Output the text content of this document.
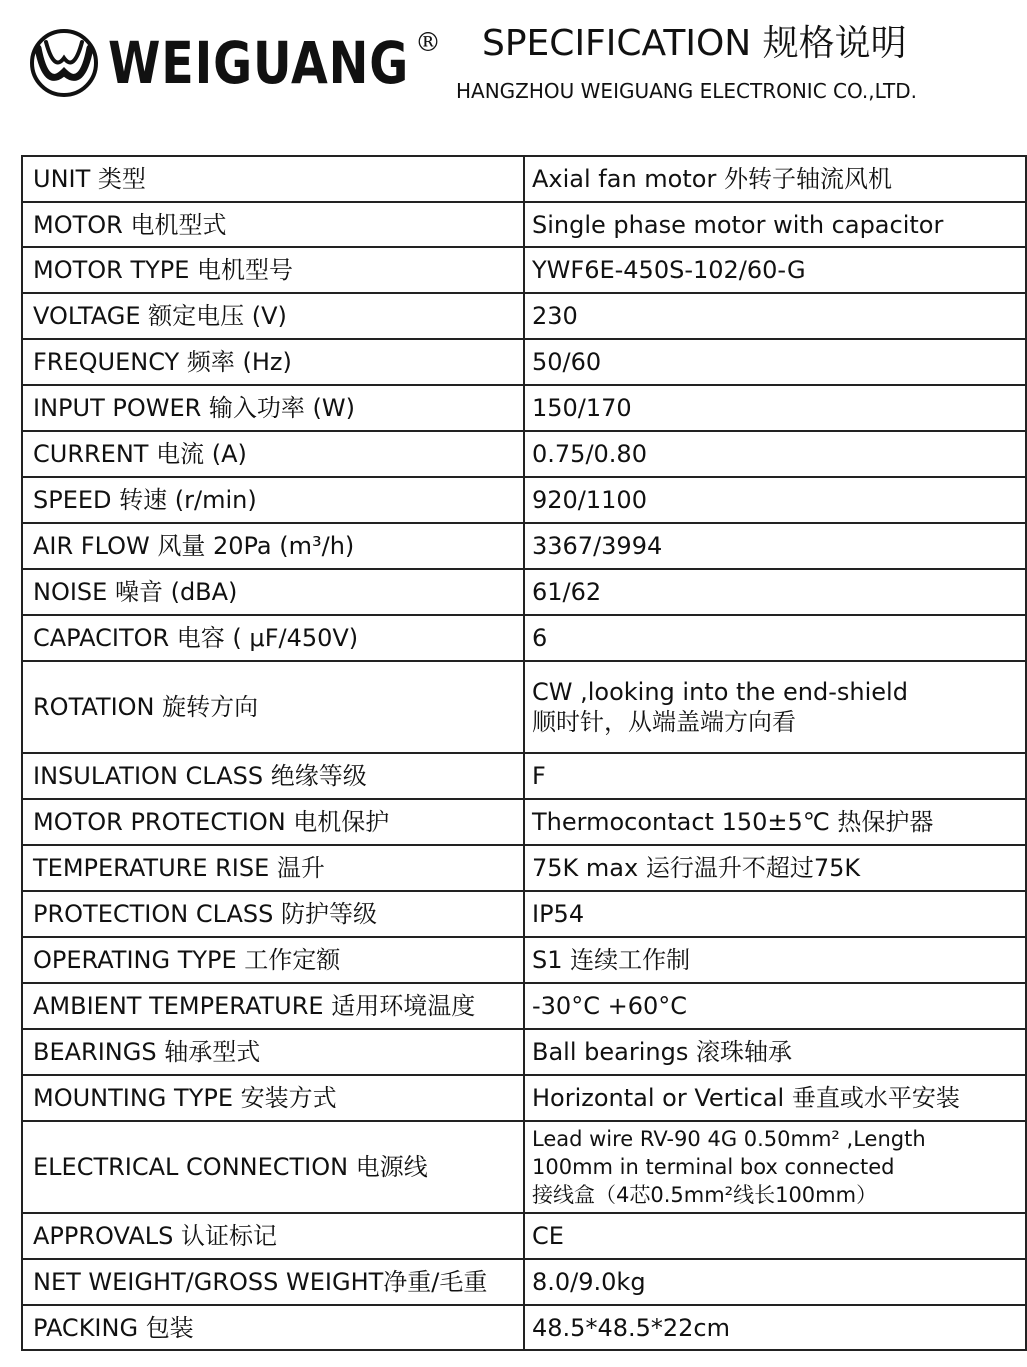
WEIGUANG ® SPECIFICATION 规格说明
HANGZHOU WEIGUANG ELECTRONIC CO.,LTD.
UNIT 类型	Axial fan motor 外转子轴流风机

MOTOR 电机型式	Single phase motor with capacitor

MOTOR TYPE 电机型号	YWF6E-450S-102/60-G

VOLTAGE 额定电压 (V)	230

FREQUENCY 频率 (Hz)	50/60

INPUT POWER 输入功率 (W)	150/170

CURRENT 电流 (A)	0.75/0.80

SPEED 转速 (r/min)	920/1100

AIR FLOW 风量 20Pa (m³/h)	3367/3994

NOISE 噪音 (dBA)	61/62

CAPACITOR 电容 ( μF/450V)	6

ROTATION 旋转方向	CW ,looking into the end-shield
顺时针，从端盖端方向看

INSULATION CLASS 绝缘等级	F

MOTOR PROTECTION 电机保护	Thermocontact 150±5℃ 热保护器

TEMPERATURE RISE 温升	75K max 运行温升不超过75K

PROTECTION CLASS 防护等级	IP54

OPERATING TYPE 工作定额	S1 连续工作制

AMBIENT TEMPERATURE 适用环境温度	-30°C +60°C

BEARINGS 轴承型式	Ball bearings 滚珠轴承

MOUNTING TYPE 安装方式	Horizontal or Vertical 垂直或水平安装

ELECTRICAL CONNECTION 电源线	Lead wire RV-90 4G 0.50mm² ,Length
100mm in terminal box connected
接线盒（4芯0.5mm²线长100mm）

APPROVALS 认证标记	CE

NET WEIGHT/GROSS WEIGHT净重/毛重	8.0/9.0kg

PACKING 包装	48.5*48.5*22cm
